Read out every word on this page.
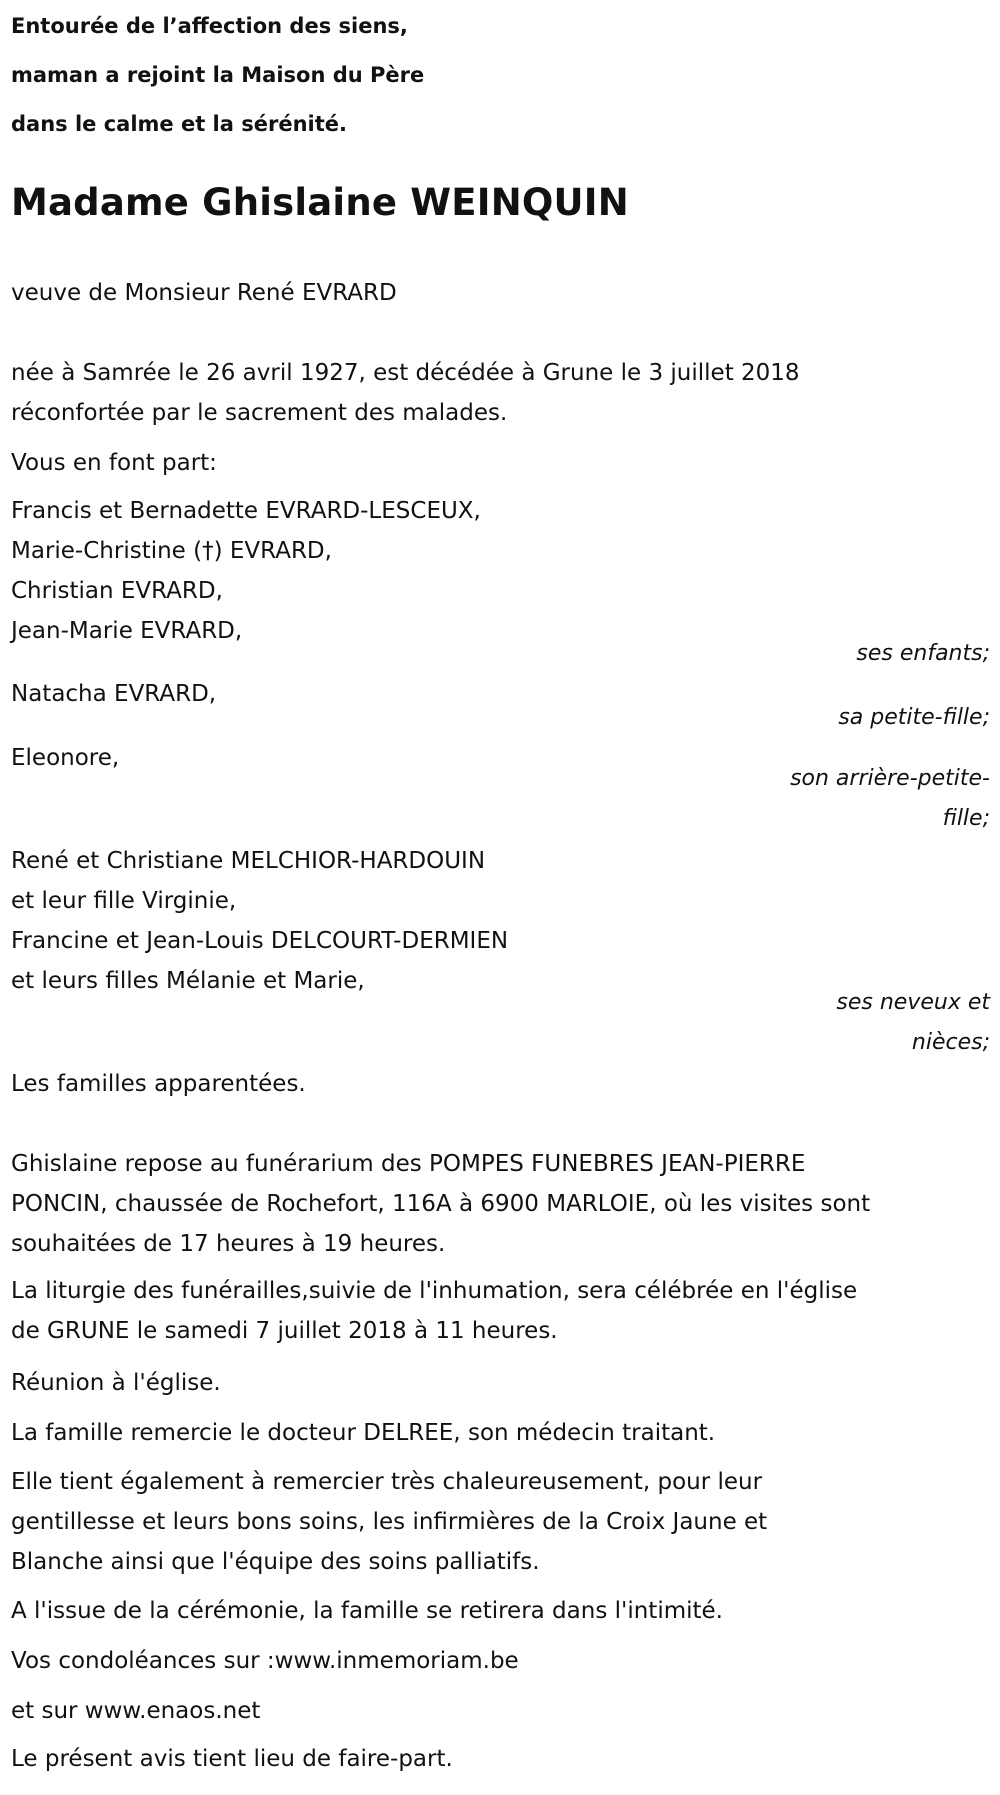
Entourée de l’affection des siens,
maman a rejoint la Maison du Père
dans le calme et la sérénité.
Madame Ghislaine WEINQUIN
veuve de Monsieur René EVRARD
née à Samrée le 26 avril 1927, est décédée à Grune le 3 juillet 2018
réconfortée par le sacrement des malades.
Vous en font part:
Francis et Bernadette EVRARD-LESCEUX,
Marie-Christine (†) EVRARD,
Christian EVRARD,
Jean-Marie EVRARD,
ses enfants;
Natacha EVRARD,
sa petite-fille;
Eleonore,
son arrière-petite-fille;
René et Christiane MELCHIOR-HARDOUIN
et leur fille Virginie,
Francine et Jean-Louis DELCOURT-DERMIEN
et leurs filles Mélanie et Marie,
ses neveux et nièces;
Les familles apparentées.
Ghislaine repose au funérarium des POMPES FUNEBRES JEAN-PIERRE
PONCIN, chaussée de Rochefort, 116A à 6900 MARLOIE, où les visites sont
souhaitées de 17 heures à 19 heures.
La liturgie des funérailles,suivie de l'inhumation, sera célébrée en l'église
de GRUNE le samedi 7 juillet 2018 à 11 heures.
Réunion à l'église.
La famille remercie le docteur DELREE, son médecin traitant.
Elle tient également à remercier très chaleureusement, pour leur
gentillesse et leurs bons soins, les infirmières de la Croix Jaune et
Blanche ainsi que l'équipe des soins palliatifs.
A l'issue de la cérémonie, la famille se retirera dans l'intimité.
Vos condoléances sur :www.inmemoriam.be
et sur www.enaos.net
Le présent avis tient lieu de faire-part.
